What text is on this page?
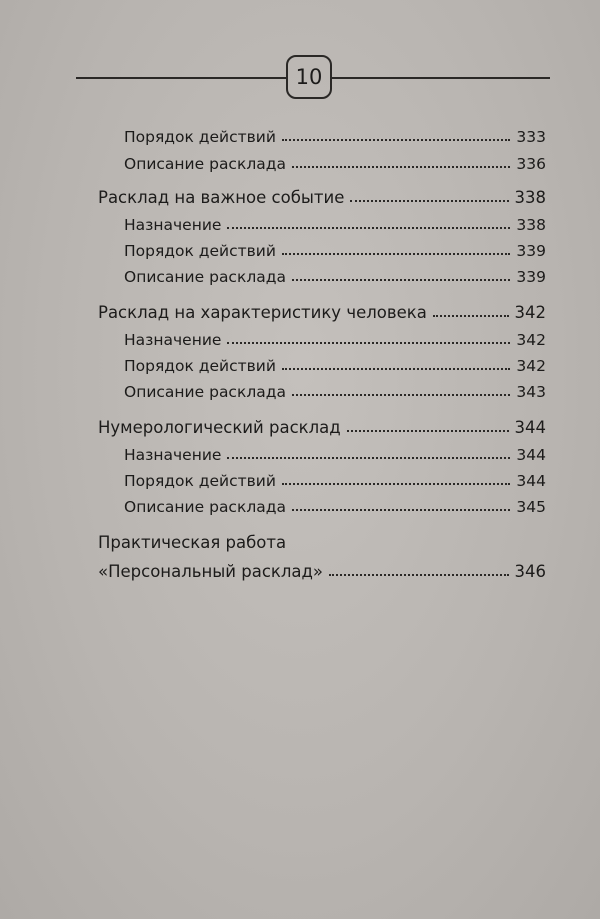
10
Порядок действий	333
Описание расклада	336
Расклад на важное событие	338
Назначение	338
Порядок действий	339
Описание расклада	339
Расклад на характеристику человека	342
Назначение	342
Порядок действий	342
Описание расклада	343
Нумерологический расклад	344
Назначение	344
Порядок действий	344
Описание расклада	345
Практическая работа
«Персональный расклад»	346
